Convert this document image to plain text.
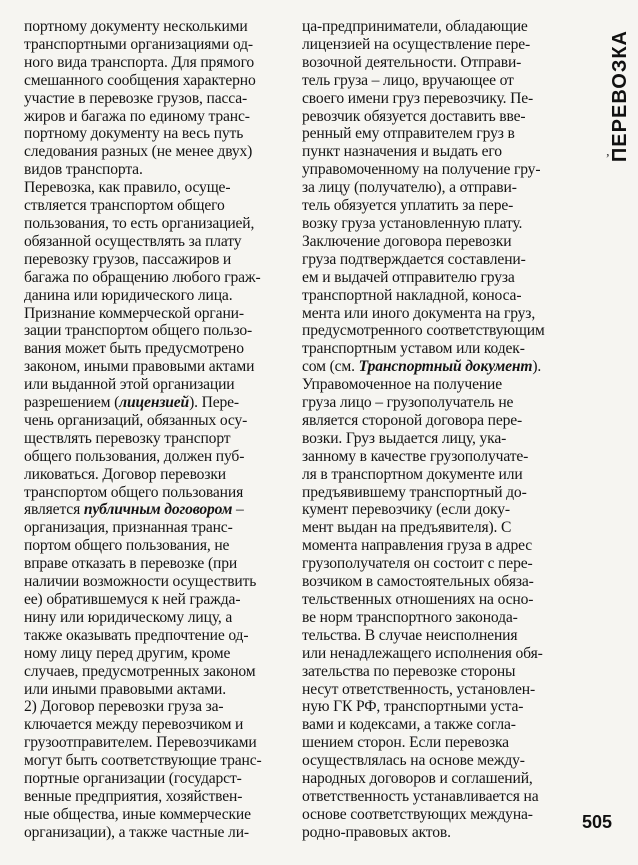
портному документу несколькими
транспортными организациями од-
ного вида транспорта. Для прямого
смешанного сообщения характерно
участие в перевозке грузов, пасса-
жиров и багажа по единому транс-
портному документу на весь путь
следования разных (не менее двух)
видов транспорта.

Перевозка, как правило, осуще-
ствляется транспортом общего
пользования, то есть организацией,
обязанной осуществлять за плату
перевозку грузов, пассажиров и
багажа по обращению любого граж-
данина или юридического лица.
Признание коммерческой органи-
зации транспортом общего пользо-
вания может быть предусмотрено
законом, иными правовыми актами
или выданной этой организации
разрешением (лицензией). Пере-
чень организаций, обязанных осу-
ществлять перевозку транспорт
общего пользования, должен пуб-
ликоваться. Договор перевозки
транспортом общего пользования
является публичным договором –
организация, признанная транс-
портом общего пользования, не
вправе отказать в перевозке (при
наличии возможности осуществить
ее) обратившемуся к ней гражда-
нину или юридическому лицу, а
также оказывать предпочтение од-
ному лицу перед другим, кроме
случаев, предусмотренных законом
или иными правовыми актами.

2) Договор перевозки груза за-
ключается между перевозчиком и
грузоотправителем. Перевозчиками
могут быть соответствующие транс-
портные организации (государст-
венные предприятия, хозяйствен-
ные общества, иные коммерческие
организации), а также частные ли-

ца-предприниматели, обладающие
лицензией на осуществление пере-
возочной деятельности. Отправи-
тель груза – лицо, вручающее от
своего имени груз перевозчику. Пе-
ревозчик обязуется доставить вве-
ренный ему отправителем груз в
пункт назначения и выдать его
управомоченному на получение гру-
за лицу (получателю), а отправи-
тель обязуется уплатить за пере-
возку груза установленную плату.

Заключение договора перевозки
груза подтверждается составлени-
ем и выдачей отправителю груза
транспортной накладной, коноса-
мента или иного документа на груз,
предусмотренного соответствующим
транспортным уставом или кодек-
сом (см. Транспортный документ).

Управомоченное на получение
груза лицо – грузополучатель не
является стороной договора пере-
возки. Груз выдается лицу, ука-
занному в качестве грузополучате-
ля в транспортном документе или
предъявившему транспортный до-
кумент перевозчику (если доку-
мент выдан на предъявителя). С
момента направления груза в адрес
грузополучателя он состоит с пере-
возчиком в самостоятельных обяза-
тельственных отношениях на осно-
ве норм транспортного законода-
тельства. В случае неисполнения
или ненадлежащего исполнения обя-
зательства по перевозке стороны
несут ответственность, установлен-
ную ГК РФ, транспортными уста-
вами и кодексами, а также согла-
шением сторон. Если перевозка
осуществлялась на основе между-
народных договоров и соглашений,
ответственность устанавливается на
основе соответствующих междуна-
родно-правовых актов.

ПЕРЕВОЗКА
ʼ
505
